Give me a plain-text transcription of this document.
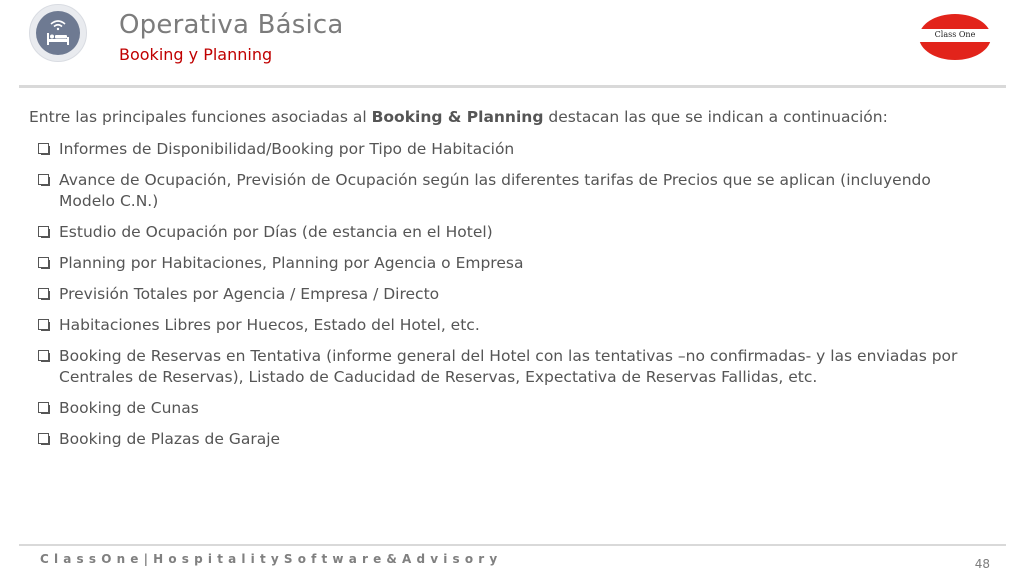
Operativa Básica
Booking y Planning
Class One

Entre las principales funciones asociadas al Booking & Planning destacan las que se indican a continuación:

Informes de Disponibilidad/Booking por Tipo de Habitación
Avance de Ocupación, Previsión de Ocupación según las diferentes tarifas de Precios que se aplican (incluyendo Modelo C.N.)
Estudio de Ocupación por Días (de estancia en el Hotel)
Planning por Habitaciones, Planning por Agencia o Empresa
Previsión Totales por Agencia / Empresa / Directo
Habitaciones Libres por Huecos, Estado del Hotel, etc.
Booking de Reservas en Tentativa (informe general del Hotel con las tentativas –no confirmadas- y las enviadas por Centrales de Reservas), Listado de Caducidad de Reservas, Expectativa de Reservas Fallidas, etc.
Booking de Cunas
Booking de Plazas de Garaje
C l a s s O n e | H o s p i t a l i t y S o f t w a r e & A d v i s o r y	48
